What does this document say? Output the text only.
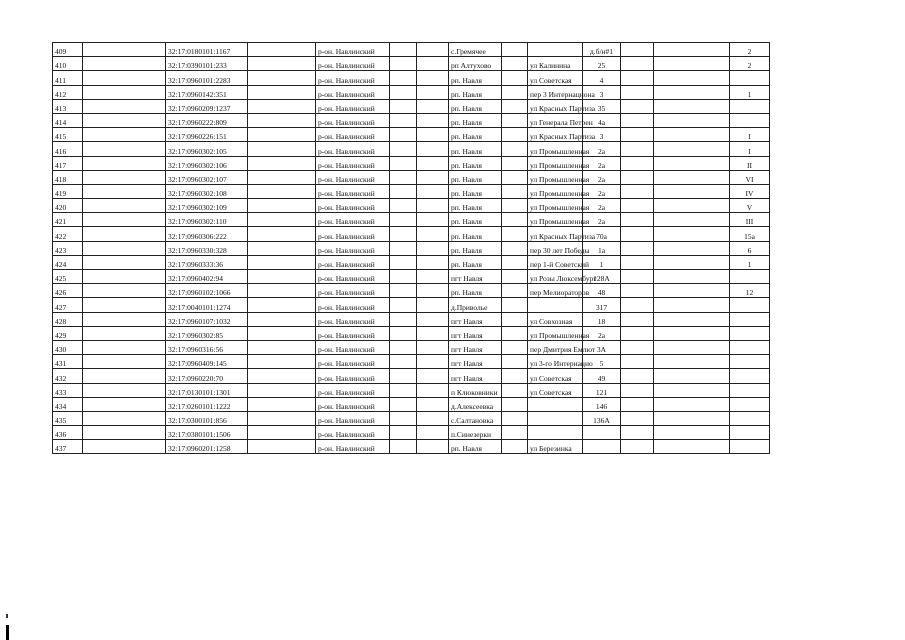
409		32:17:0180101:1167		р-он. Навлинский			с.Гремячее			д.б/н#1			2
410		32:17:0390101:233		р-он. Навлинский			рп Алтухово		ул Калинина	25			2
411		32:17:0960101:2283		р-он. Навлинский			рп. Навля		ул Советская	4			
412		32:17:0960142:351		р-он. Навлинский			рп. Навля		пер 3 Интернациона	3			1
413		32:17:0960209:1237		р-он. Навлинский			рп. Навля		ул Красных Партиза	35			
414		32:17:0960222:809		р-он. Навлинский			рп. Навля		ул Генерала Петрен	4а			
415		32:17:0960226:151		р-он. Навлинский			рп. Навля		ул Красных Партиза	3			I
416		32:17:0960302:105		р-он. Навлинский			рп. Навля		ул Промышленная	2а			I
417		32:17:0960302:106		р-он. Навлинский			рп. Навля		ул Промышленная	2а			II
418		32:17:0960302:107		р-он. Навлинский			рп. Навля		ул Промышленная	2а			VI
419		32:17:0960302:108		р-он. Навлинский			рп. Навля		ул Промышленная	2а			IV
420		32:17:0960302:109		р-он. Навлинский			рп. Навля		ул Промышленная	2а			V
421		32:17:0960302:110		р-он. Навлинский			рп. Навля		ул Промышленная	2а			III
422		32:17:0960306:222		р-он. Навлинский			рп. Навля		ул Красных Партиза	70а			15а
423		32:17:0960330:328		р-он. Навлинский			рп. Навля		пер 30 лет Победы	1а			6
424		32:17:0960333:36		р-он. Навлинский			рп. Навля		пер 1-й Советский	1			1
425		32:17:0960402:94		р-он. Навлинский			пгт Навля		ул Розы Люксембург	128А			
426		32:17:0960102:1066		р-он. Навлинский			рп. Навля		пер Мелиораторов	48			12
427		32:17:0040101:1274		р-он. Навлинский			д.Приволье			317			
428		32:17:0960107:1032		р-он. Навлинский			пгт Навля		ул Совхозная	18			
429		32:17:0960302:85		р-он. Навлинский			пгт Навля		ул Промышленная	2а			
430		32:17:0960316:56		р-он. Навлинский			пгт Навля		пер Дмитрия Емлют	3А			
431		32:17:0960409:145		р-он. Навлинский			пгт Навля		ул 3-го Интернацио	5			
432		32:17:0960220:70		р-он. Навлинский			пгт Навля		ул Советская	49			
433		32:17:0130101:1301		р-он. Навлинский			п Клюковники		ул Советская	121			
434		32:17:0260101:1222		р-он. Навлинский			д.Алексеевка			146			
435		32:17:0300101:856		р-он. Навлинский			с.Салтановка			136А			
436		32:17:0380101:1506		р-он. Навлинский			п.Синезерки						
437		32:17:0960201:1258		р-он. Навлинский			рп. Навля		ул Березинка				
